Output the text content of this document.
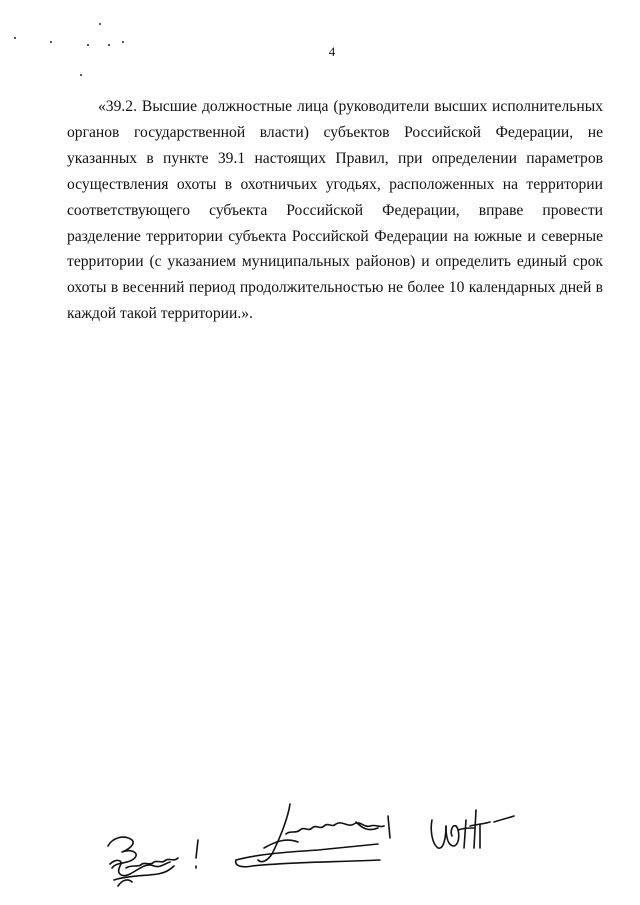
4

«39.2. Высшие должностные лица (руководители высших исполнительных органов государственной власти) субъектов Российской Федерации, не указанных в пункте 39.1 настоящих Правил, при определении параметров осуществления охоты в охотничьих угодьях, расположенных на территории соответствующего субъекта Российской Федерации, вправе провести разделение территории субъекта Российской Федерации на южные и северные территории (с указанием муниципальных районов) и определить единый срок охоты в весенний период продолжительностью не более 10 календарных дней в каждой такой территории.».
